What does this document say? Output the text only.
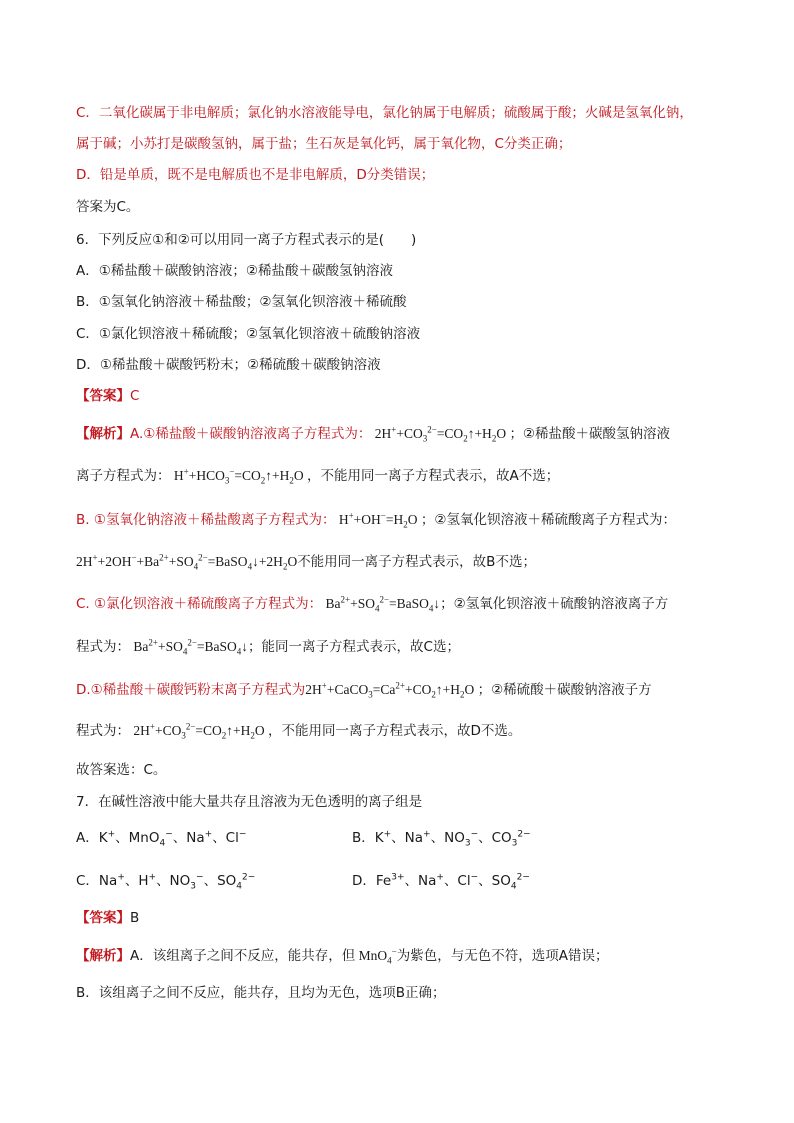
C．二氧化碳属于非电解质；氯化钠水溶液能导电，氯化钠属于电解质；硫酸属于酸；火碱是氢氧化钠，
属于碱；小苏打是碳酸氢钠，属于盐；生石灰是氧化钙，属于氧化物，C分类正确；
D．铅是单质，既不是电解质也不是非电解质，D分类错误；
答案为C。
6．下列反应①和②可以用同一离子方程式表示的是(　　)
A．①稀盐酸＋碳酸钠溶液；②稀盐酸＋碳酸氢钠溶液
B．①氢氧化钠溶液＋稀盐酸；②氢氧化钡溶液＋稀硫酸
C．①氯化钡溶液＋稀硫酸；②氢氧化钡溶液＋硫酸钠溶液
D．①稀盐酸＋碳酸钙粉末；②稀硫酸＋碳酸钠溶液
【答案】C
【解析】A.①稀盐酸＋碳酸钠溶液离子方程式为： $2H^++CO_3^{2-}=CO_2↑+H_2O$ ；②稀盐酸＋碳酸氢钠溶液
离子方程式为： $H^++HCO_3^-=CO_2↑+H_2O$ ，不能用同一离子方程式表示，故A不选；
B. ①氢氧化钠溶液＋稀盐酸离子方程式为： $H^++OH^-=H_2O$ ；②氢氧化钡溶液＋稀硫酸离子方程式为：
$2H^++2OH^-+Ba^{2+}+SO_4^{2-}=BaSO_4↓+2H_2O$不能用同一离子方程式表示，故B不选；
C. ①氯化钡溶液＋稀硫酸离子方程式为： $Ba^{2+}+SO_4^{2-}=BaSO_4↓$；②氢氧化钡溶液＋硫酸钠溶液离子方
程式为： $Ba^{2+}+SO_4^{2-}=BaSO_4↓$；能同一离子方程式表示，故C选；
D.①稀盐酸＋碳酸钙粉末离子方程式为$2H^++CaCO_3=Ca^{2+}+CO_2↑+H_2O$ ；②稀硫酸＋碳酸钠溶液子方
程式为： $2H^++CO_3^{2-}=CO_2↑+H_2O$ ，不能用同一离子方程式表示，故D不选。
故答案选：C。
7．在碱性溶液中能大量共存且溶液为无色透明的离子组是
A．K+、MnO$_4$−、Na+、Cl−	B．K+、Na+、$NO_3^-$、$CO_3^{2-}$
C．Na+、H+、$NO_3^-$、$SO_4^{2-}$	D．$Fe^{3+}$、Na+、Cl−、$SO_4^{2-}$
【答案】B
【解析】A．该组离子之间不反应，能共存，但 MnO$_4$−为紫色，与无色不符，选项A错误；
B．该组离子之间不反应，能共存，且均为无色，选项B正确；
